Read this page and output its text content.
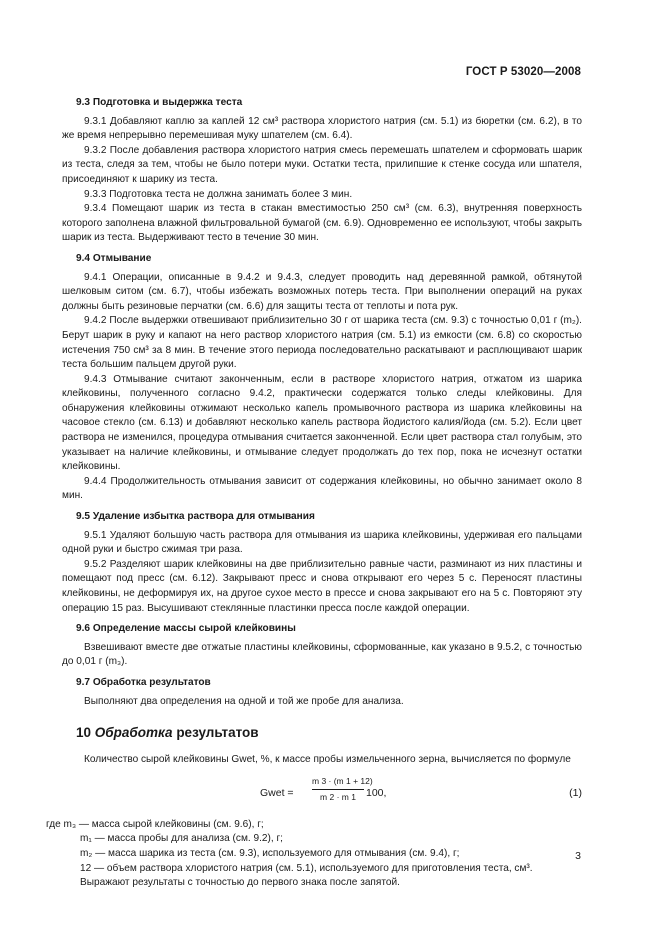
ГОСТ Р 53020—2008

9.3 Подготовка и выдержка теста

9.3.1 Добавляют каплю за каплей 12 см³ раствора хлористого натрия (см. 5.1) из бюретки (см. 6.2), в то же время непрерывно перемешивая муку шпателем (см. 6.4).

9.3.2 После добавления раствора хлористого натрия смесь перемешать шпателем и сформовать шарик из теста, следя за тем, чтобы не было потери муки. Остатки теста, прилипшие к стенке сосуда или шпателя, присоединяют к шарику из теста.

9.3.3 Подготовка теста не должна занимать более 3 мин.

9.3.4 Помещают шарик из теста в стакан вместимостью 250 см³ (см. 6.3), внутренняя поверхность которого заполнена влажной фильтровальной бумагой (см. 6.9). Одновременно ее используют, чтобы закрыть шарик из теста. Выдерживают тесто в течение 30 мин.

9.4 Отмывание

9.4.1 Операции, описанные в 9.4.2 и 9.4.3, следует проводить над деревянной рамкой, обтянутой шелковым ситом (см. 6.7), чтобы избежать возможных потерь теста. При выполнении операций на руках должны быть резиновые перчатки (см. 6.6) для защиты теста от теплоты и пота рук.

9.4.2 После выдержки отвешивают приблизительно 30 г от шарика теста (см. 9.3) с точностью 0,01 г (m₂). Берут шарик в руку и капают на него раствор хлористого натрия (см. 5.1) из емкости (см. 6.8) со скоростью истечения 750 см³ за 8 мин. В течение этого периода последовательно раскатывают и расплющивают шарик теста большим пальцем другой руки.

9.4.3 Отмывание считают законченным, если в растворе хлористого натрия, отжатом из шарика клейковины, полученного согласно 9.4.2, практически содержатся только следы клейковины. Для обнаружения клейковины отжимают несколько капель промывочного раствора из шарика клейковины на часовое стекло (см. 6.13) и добавляют несколько капель раствора йодистого калия/йода (см. 5.2). Если цвет раствора не изменился, процедура отмывания считается законченной. Если цвет раствора стал голубым, это указывает на наличие клейковины, и отмывание следует продолжать до тех пор, пока не исчезнут остатки клейковины.

9.4.4 Продолжительность отмывания зависит от содержания клейковины, но обычно занимает около 8 мин.

9.5 Удаление избытка раствора для отмывания

9.5.1 Удаляют большую часть раствора для отмывания из шарика клейковины, удерживая его пальцами одной руки и быстро сжимая три раза.

9.5.2 Разделяют шарик клейковины на две приблизительно равные части, разминают из них пластины и помещают под пресс (см. 6.12). Закрывают пресс и снова открывают его через 5 с. Переносят пластины клейковины, не деформируя их, на другое сухое место в прессе и снова закрывают его на 5 с. Повторяют эту операцию 15 раз. Высушивают стеклянные пластинки пресса после каждой операции.

9.6 Определение массы сырой клейковины

Взвешивают вместе две отжатые пластины клейковины, сформованные, как указано в 9.5.2, с точностью до 0,01 г (m₃).

9.7 Обработка результатов

Выполняют два определения на одной и той же пробе для анализа.

10 Обработка результатов

Количество сырой клейковины Gwet, %, к массе пробы измельченного зерна, вычисляется по формуле

Gwet =
m 3 · (m 1 + 12)
m 2 · m 1 100,	(1)

где m₃ — масса сырой клейковины (см. 9.6), г;

m₁ — масса пробы для анализа (см. 9.2), г;

m₂ — масса шарика из теста (см. 9.3), используемого для отмывания (см. 9.4), г;

12 — объем раствора хлористого натрия (см. 5.1), используемого для приготовления теста, см³.

Выражают результаты с точностью до первого знака после запятой.

3
